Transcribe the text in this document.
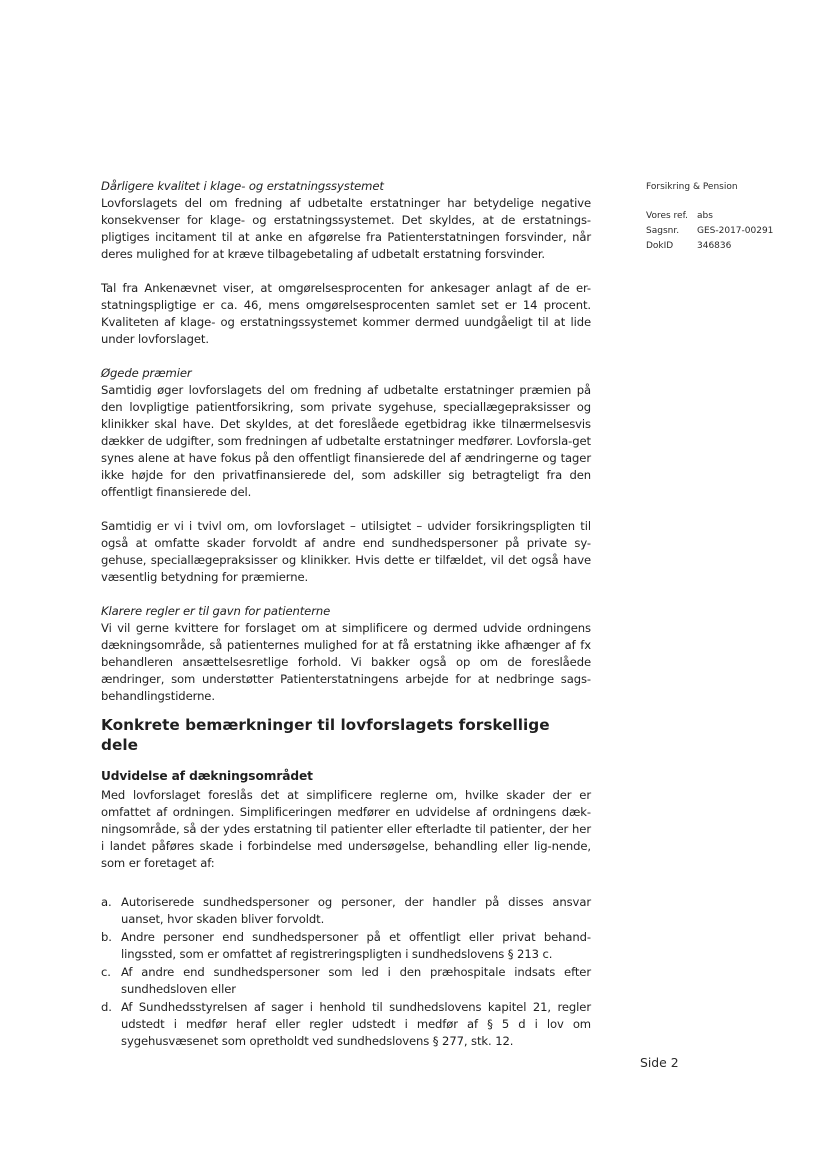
Dårligere kvalitet i klage- og erstatningssystemet

Lovforslagets del om fredning af udbetalte erstatninger har betydelige negative konsekvenser for klage- og erstatningssystemet. Det skyldes, at de erstatnings-pligtiges incitament til at anke en afgørelse fra Patienterstatningen forsvinder, når deres mulighed for at kræve tilbagebetaling af udbetalt erstatning forsvinder.

Tal fra Ankenævnet viser, at omgørelsesprocenten for ankesager anlagt af de er-statningspligtige er ca. 46, mens omgørelsesprocenten samlet set er 14 procent. Kvaliteten af klage- og erstatningssystemet kommer dermed uundgåeligt til at lide under lovforslaget.

Øgede præmier

Samtidig øger lovforslagets del om fredning af udbetalte erstatninger præmien på den lovpligtige patientforsikring, som private sygehuse, speciallægepraksisser og klinikker skal have. Det skyldes, at det foreslåede egetbidrag ikke tilnærmelsesvis dækker de udgifter, som fredningen af udbetalte erstatninger medfører. Lovforsla-get synes alene at have fokus på den offentligt finansierede del af ændringerne og tager ikke højde for den privatfinansierede del, som adskiller sig betragteligt fra den offentligt finansierede del.

Samtidig er vi i tvivl om, om lovforslaget – utilsigtet – udvider forsikringspligten til også at omfatte skader forvoldt af andre end sundhedspersoner på private sy-gehuse, speciallægepraksisser og klinikker. Hvis dette er tilfældet, vil det også have væsentlig betydning for præmierne.

Klarere regler er til gavn for patienterne

Vi vil gerne kvittere for forslaget om at simplificere og dermed udvide ordningens dækningsområde, så patienternes mulighed for at få erstatning ikke afhænger af fx behandleren ansættelsesretlige forhold. Vi bakker også op om de foreslåede ændringer, som understøtter Patienterstatningens arbejde for at nedbringe sags-behandlingstiderne.

Konkrete bemærkninger til lovforslagets forskellige dele
Udvidelse af dækningsområdet

Med lovforslaget foreslås det at simplificere reglerne om, hvilke skader der er omfattet af ordningen. Simplificeringen medfører en udvidelse af ordningens dæk-ningsområde, så der ydes erstatning til patienter eller efterladte til patienter, der her i landet påføres skade i forbindelse med undersøgelse, behandling eller lig-nende, som er foretaget af:

a. Autoriserede sundhedspersoner og personer, der handler på disses ansvar uanset, hvor skaden bliver forvoldt.
b. Andre personer end sundhedspersoner på et offentligt eller privat behand-lingssted, som er omfattet af registreringspligten i sundhedslovens § 213 c.
c. Af andre end sundhedspersoner som led i den præhospitale indsats efter sundhedsloven eller
d. Af Sundhedsstyrelsen af sager i henhold til sundhedslovens kapitel 21, regler udstedt i medfør heraf eller regler udstedt i medfør af § 5 d i lov om sygehusvæsenet som opretholdt ved sundhedslovens § 277, stk. 12.
Forsikring & Pension
Vores ref.	abs
Sagsnr.	GES-2017-00291
DokID	346836
Side 2
